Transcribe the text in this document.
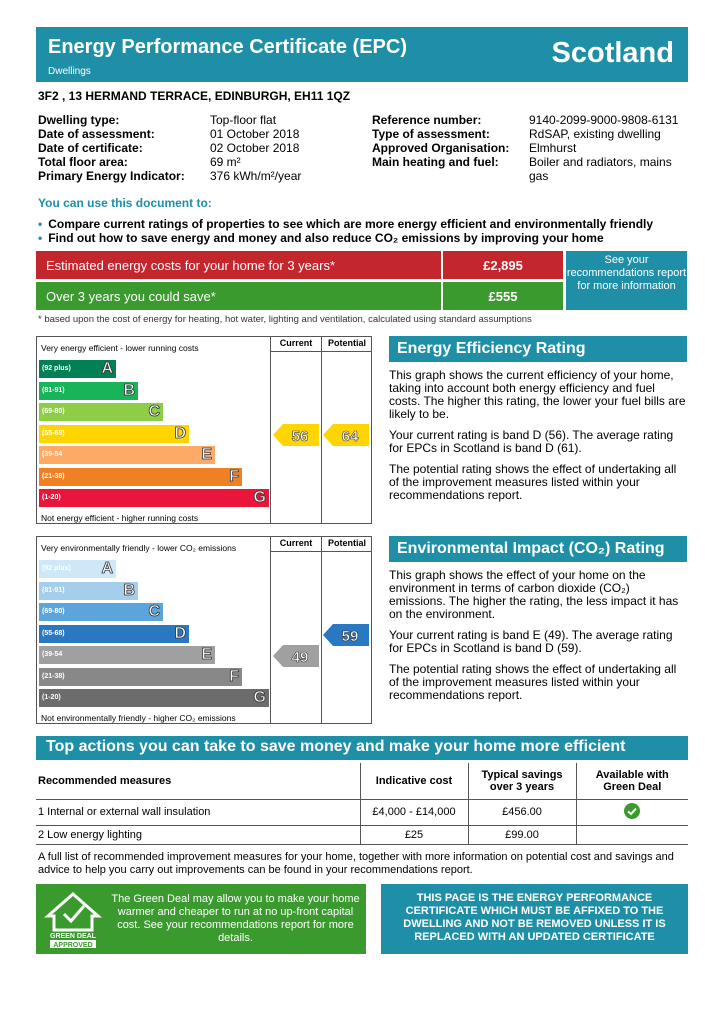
Energy Performance Certificate (EPC)
Dwellings
Scotland
3F2 , 13 HERMAND TERRACE, EDINBURGH, EH11 1QZ
Dwelling type:	Top-floor flat
Date of assessment:	01 October 2018
Date of certificate:	02 October 2018
Total floor area:	69 m²
Primary Energy Indicator:	376 kWh/m²/year
Reference number:	9140-2099-9000-9808-6131
Type of assessment:	RdSAP, existing dwelling
Approved Organisation:	Elmhurst
Main heating and fuel:	Boiler and radiators, mains gas
You can use this document to:
• Compare current ratings of properties to see which are more energy efficient and environmentally friendly
• Find out how to save energy and money and also reduce CO₂ emissions by improving your home
Estimated energy costs for your home for 3 years*	£2,895
Over 3 years you could save*	£555
See your recommendations report for more information
* based upon the cost of energy for heating, hot water, lighting and ventilation, calculated using standard assumptions
Very energy efficient - lower running costs
Not energy efficient - higher running costs
Current	Potential
(92 plus) A
(81-91)	B
(69-80)	C
(55-68)	D
(39-54	E
(21-38)	F
(1-20)	G
56 64
Very environmentally friendly - lower CO₂ emissions
Not environmentally friendly - higher CO₂ emissions
Current	Potential
(92 plus) A
(81-91)	B
(69-80)	C
(55-68)	D
(39-54	E
(21-38)	F
(1-20)	G
49
59
Energy Efficiency Rating

This graph shows the current efficiency of your home, taking into account both energy efficiency and fuel costs. The higher this rating, the lower your fuel bills are likely to be.

Your current rating is band D (56). The average rating for EPCs in Scotland is band D (61).

The potential rating shows the effect of undertaking all of the improvement measures listed within your recommendations report.

Environmental Impact (CO₂) Rating

This graph shows the effect of your home on the environment in terms of carbon dioxide (CO₂) emissions. The higher the rating, the less impact it has on the environment.

Your current rating is band E (49). The average rating for EPCs in Scotland is band D (59).

The potential rating shows the effect of undertaking all of the improvement measures listed within your recommendations report.

Top actions you can take to save money and make your home more efficient
Recommended measures	Indicative cost	Typical savings over 3 years	Available with Green Deal
1 Internal or external wall insulation	£4,000 - £14,000	£456.00	
2 Low energy lighting	£25	£99.00	
A full list of recommended improvement measures for your home, together with more information on potential cost and savings and advice to help you carry out improvements can be found in your recommendations report.
GREEN DEAL
APPROVED
The Green Deal may allow you to make your home warmer and cheaper to run at no up-front capital cost. See your recommendations report for more details.
THIS PAGE IS THE ENERGY PERFORMANCE CERTIFICATE WHICH MUST BE AFFIXED TO THE DWELLING AND NOT BE REMOVED UNLESS IT IS REPLACED WITH AN UPDATED CERTIFICATE
